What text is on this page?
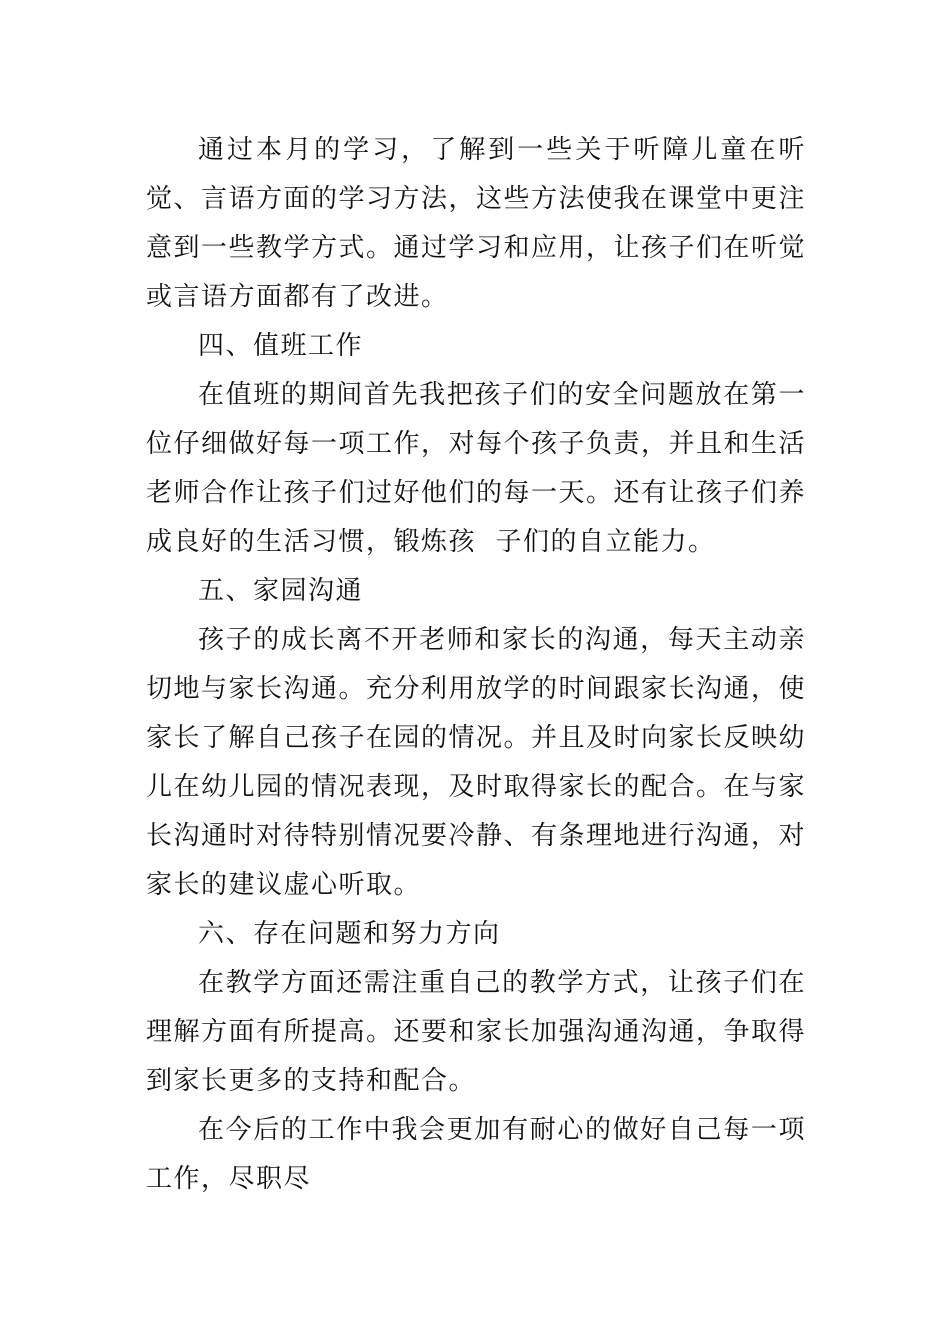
通过本月的学习，了解到一些关于听障儿童在听觉、言语方面的学习方法，这些方法使我在课堂中更注意到一些教学方式。通过学习和应用，让孩子们在听觉或言语方面都有了改进。

四、值班工作

在值班的期间首先我把孩子们的安全问题放在第一位仔细做好每一项工作，对每个孩子负责，并且和生活老师合作让孩子们过好他们的每一天。还有让孩子们养成良好的生活习惯，锻炼孩  子们的自立能力。

五、家园沟通

孩子的成长离不开老师和家长的沟通，每天主动亲切地与家长沟通。充分利用放学的时间跟家长沟通，使家长了解自己孩子在园的情况。并且及时向家长反映幼儿在幼儿园的情况表现，及时取得家长的配合。在与家长沟通时对待特别情况要冷静、有条理地进行沟通，对家长的建议虚心听取。

六、存在问题和努力方向

在教学方面还需注重自己的教学方式，让孩子们在理解方面有所提高。还要和家长加强沟通沟通，争取得到家长更多的支持和配合。

在今后的工作中我会更加有耐心的做好自己每一项工作，尽职尽
